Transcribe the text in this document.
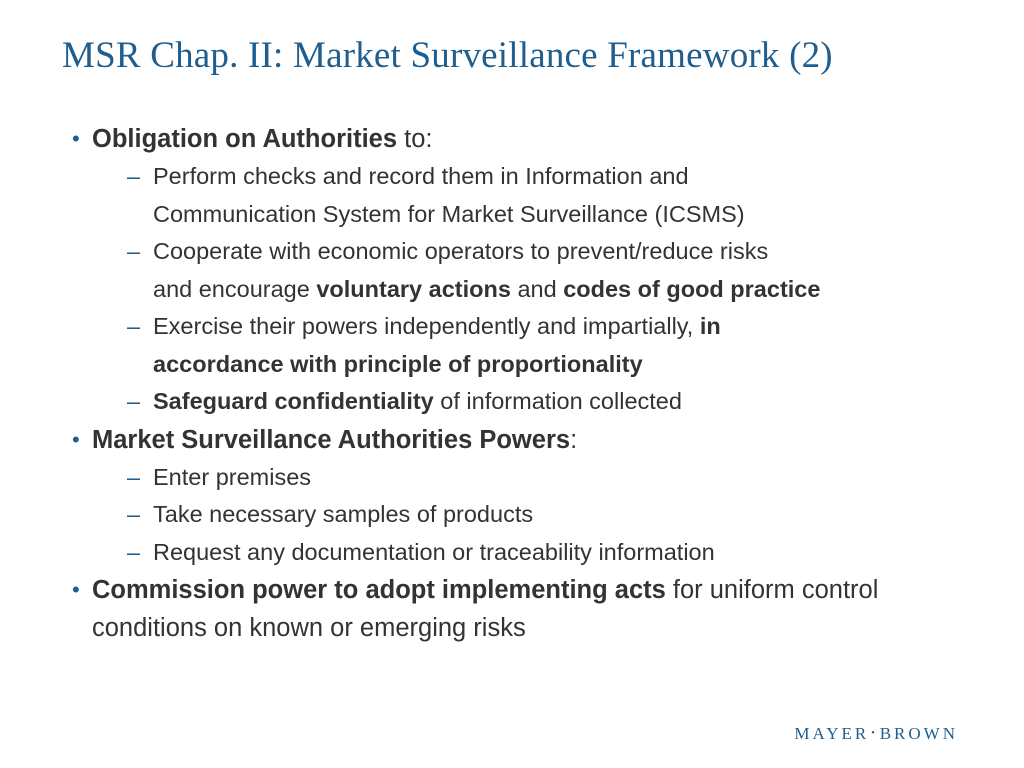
MSR Chap. II: Market Surveillance Framework (2)
• Obligation on Authorities to:
– Perform checks and record them in Information and
Communication System for Market Surveillance (ICSMS)
– Cooperate with economic operators to prevent/reduce risks
and encourage voluntary actions and codes of good practice
– Exercise their powers independently and impartially, in
accordance with principle of proportionality
– Safeguard confidentiality of information collected
• Market Surveillance Authorities Powers:
– Enter premises
– Take necessary samples of products
– Request any documentation or traceability information
• Commission power to adopt implementing acts for uniform control conditions on known or emerging risks
MAYER • BROWN
